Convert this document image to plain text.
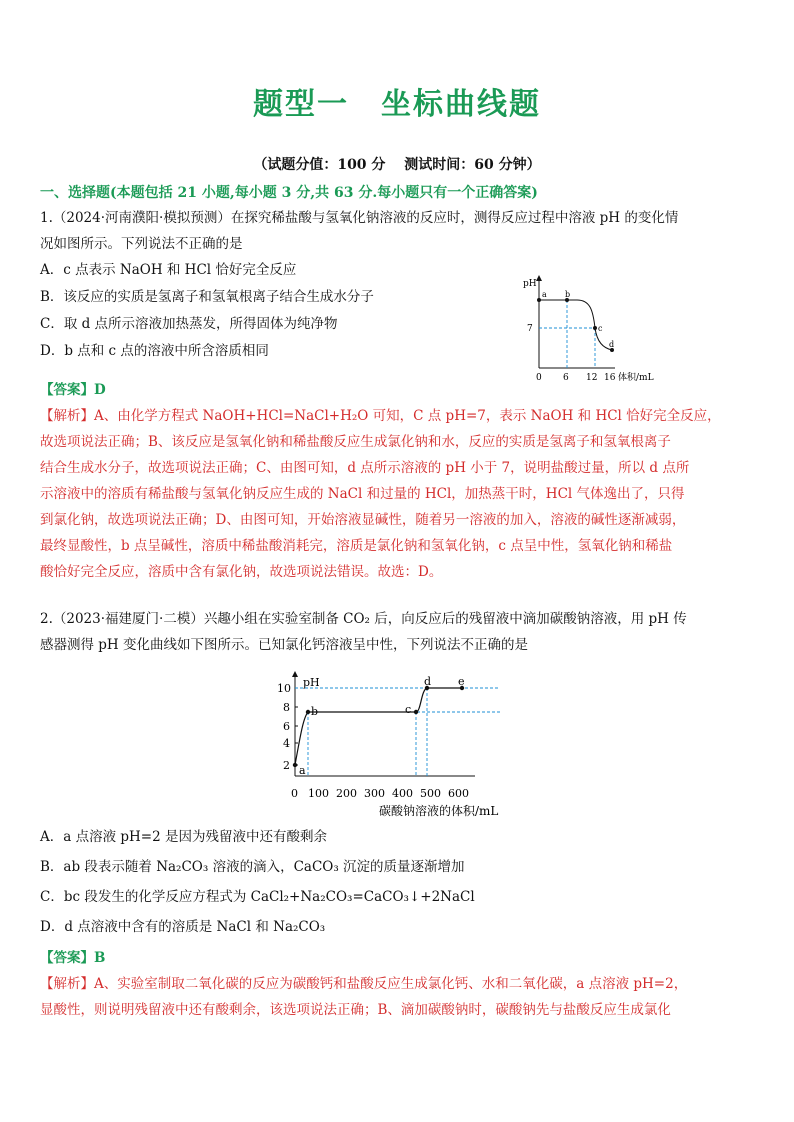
题型一　坐标曲线题
（试题分值：100 分　 测试时间：60 分钟）
一、选择题(本题包括 21 小题,每小题 3 分,共 63 分.每小题只有一个正确答案)

1.（2024·河南濮阳·模拟预测）在探究稀盐酸与氢氧化钠溶液的反应时，测得反应过程中溶液 pH 的变化情

况如图所示。下列说法不正确的是

A．c 点表示 NaOH 和 HCl 恰好完全反应

B．该反应的实质是氢离子和氢氧根离子结合生成水分子

C．取 d 点所示溶液加热蒸发，所得固体为纯净物

D．b 点和 c 点的溶液中所含溶质相同

【答案】D

【解析】A、由化学方程式 NaOH+HCl=NaCl+H₂O 可知，C 点 pH=7，表示 NaOH 和 HCl 恰好完全反应，

故选项说法正确；B、该反应是氢氧化钠和稀盐酸反应生成氯化钠和水，反应的实质是氢离子和氢氧根离子

结合生成水分子，故选项说法正确；C、由图可知，d 点所示溶液的 pH 小于 7，说明盐酸过量，所以 d 点所

示溶液中的溶质有稀盐酸与氢氧化钠反应生成的 NaCl 和过量的 HCl，加热蒸干时，HCl 气体逸出了，只得

到氯化钠，故选项说法正确；D、由图可知，开始溶液显碱性，随着另一溶液的加入，溶液的碱性逐渐减弱，

最终显酸性，b 点呈碱性，溶质中稀盐酸消耗完，溶质是氯化钠和氢氧化钠，c 点呈中性，氢氧化钠和稀盐

酸恰好完全反应，溶质中含有氯化钠，故选项说法错误。故选：D。

pH
7
0 6 12 16 体积/mL
a b
c
d

2.（2023·福建厦门·二模）兴趣小组在实验室制备 CO₂ 后，向反应后的残留液中滴加碳酸钠溶液，用 pH 传

感器测得 pH 变化曲线如下图所示。已知氯化钙溶液呈中性，下列说法不正确的是

pH
2
4
6
8
10
0 100 200 300 400 500 600
碳酸钠溶液的体积/mL
a
b	c
d e

A．a 点溶液 pH=2 是因为残留液中还有酸剩余

B．ab 段表示随着 Na₂CO₃ 溶液的滴入，CaCO₃ 沉淀的质量逐渐增加

C．bc 段发生的化学反应方程式为 CaCl₂+Na₂CO₃=CaCO₃↓+2NaCl

D．d 点溶液中含有的溶质是 NaCl 和 Na₂CO₃

【答案】B

【解析】A、实验室制取二氧化碳的反应为碳酸钙和盐酸反应生成氯化钙、水和二氧化碳，a 点溶液 pH=2，

显酸性，则说明残留液中还有酸剩余，该选项说法正确；B、滴加碳酸钠时，碳酸钠先与盐酸反应生成氯化
